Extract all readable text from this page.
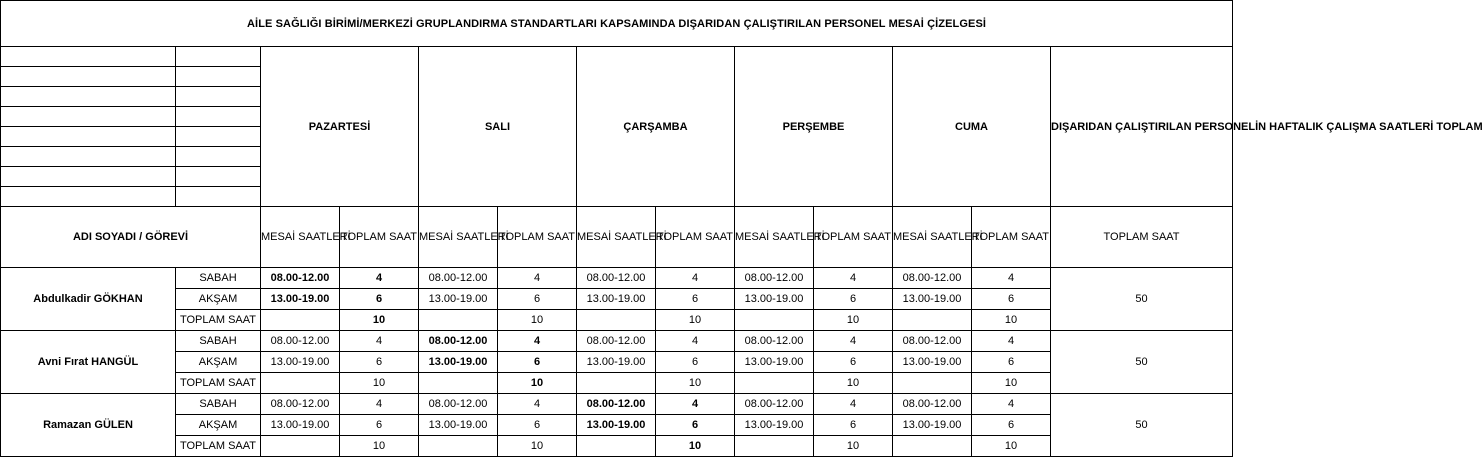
AİLE SAĞLIĞI BİRİMİ/MERKEZİ GRUPLANDIRMA STANDARTLARI KAPSAMINDA DIŞARIDAN ÇALIŞTIRILAN PERSONEL MESAİ ÇİZELGESİ												
		PAZARTESİ		SALI		ÇARŞAMBA		PERŞEMBE		CUMA		DIŞARIDAN ÇALIŞTIRILAN PERSONELİN HAFTALIK ÇALIŞMA SAATLERİ TOPLAM

ADI SOYADI / GÖREVİ		MESAİ SAATLERİ	TOPLAM SAAT	MESAİ SAATLERİ	TOPLAM SAAT	MESAİ SAATLERİ	TOPLAM SAAT	MESAİ SAATLERİ	TOPLAM SAAT	MESAİ SAATLERİ	TOPLAM SAAT	TOPLAM SAAT
Abdulkadir GÖKHAN	SABAH	08.00-12.00	4	08.00-12.00	4	08.00-12.00	4	08.00-12.00	4	08.00-12.00	4	50
	AKŞAM	13.00-19.00	6	13.00-19.00	6	13.00-19.00	6	13.00-19.00	6	13.00-19.00	6	
	TOPLAM SAAT		10		10		10		10		10	
Avni Fırat HANGÜL	SABAH	08.00-12.00	4	08.00-12.00	4	08.00-12.00	4	08.00-12.00	4	08.00-12.00	4	50
	AKŞAM	13.00-19.00	6	13.00-19.00	6	13.00-19.00	6	13.00-19.00	6	13.00-19.00	6	
	TOPLAM SAAT		10		10		10		10		10	
Ramazan GÜLEN	SABAH	08.00-12.00	4	08.00-12.00	4	08.00-12.00	4	08.00-12.00	4	08.00-12.00	4	50
	AKŞAM	13.00-19.00	6	13.00-19.00	6	13.00-19.00	6	13.00-19.00	6	13.00-19.00	6	
	TOPLAM SAAT		10		10		10		10		10	
